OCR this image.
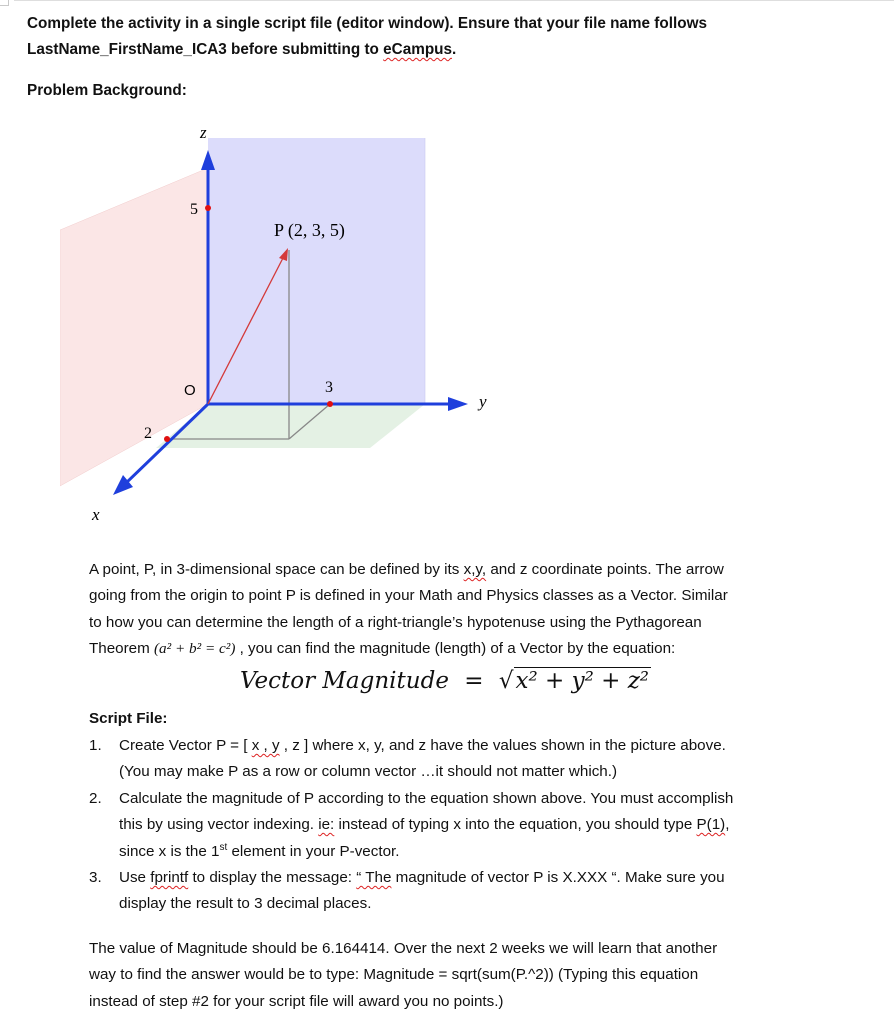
Complete the activity in a single script file (editor window). Ensure that your file name follows
LastName_FirstName_ICA3 before submitting to eCampus.
Problem Background:
z
y
x
5
3
2
O
P (2, 3, 5)
A point, P, in 3-dimensional space can be defined by its x,y, and z coordinate points. The arrow
going from the origin to point P is defined in your Math and Physics classes as a Vector. Similar
to how you can determine the length of a right-triangle’s hypotenuse using the Pythagorean
Theorem (a² + b² = c²) , you can find the magnitude (length) of a Vector by the equation:
Vector Magnitude = √x² + y² + z²
Script File:
1. Create Vector P = [ x , y , z ] where x, y, and z have the values shown in the picture above.
(You may make P as a row or column vector …it should not matter which.)
2. Calculate the magnitude of P according to the equation shown above. You must accomplish
this by using vector indexing. ie: instead of typing x into the equation, you should type P(1),
since x is the 1st element in your P-vector.
3. Use fprintf to display the message: “ The magnitude of vector P is X.XXX “. Make sure you
display the result to 3 decimal places.
The value of Magnitude should be 6.164414. Over the next 2 weeks we will learn that another
way to find the answer would be to type: Magnitude = sqrt(sum(P.^2)) (Typing this equation
instead of step #2 for your script file will award you no points.)
